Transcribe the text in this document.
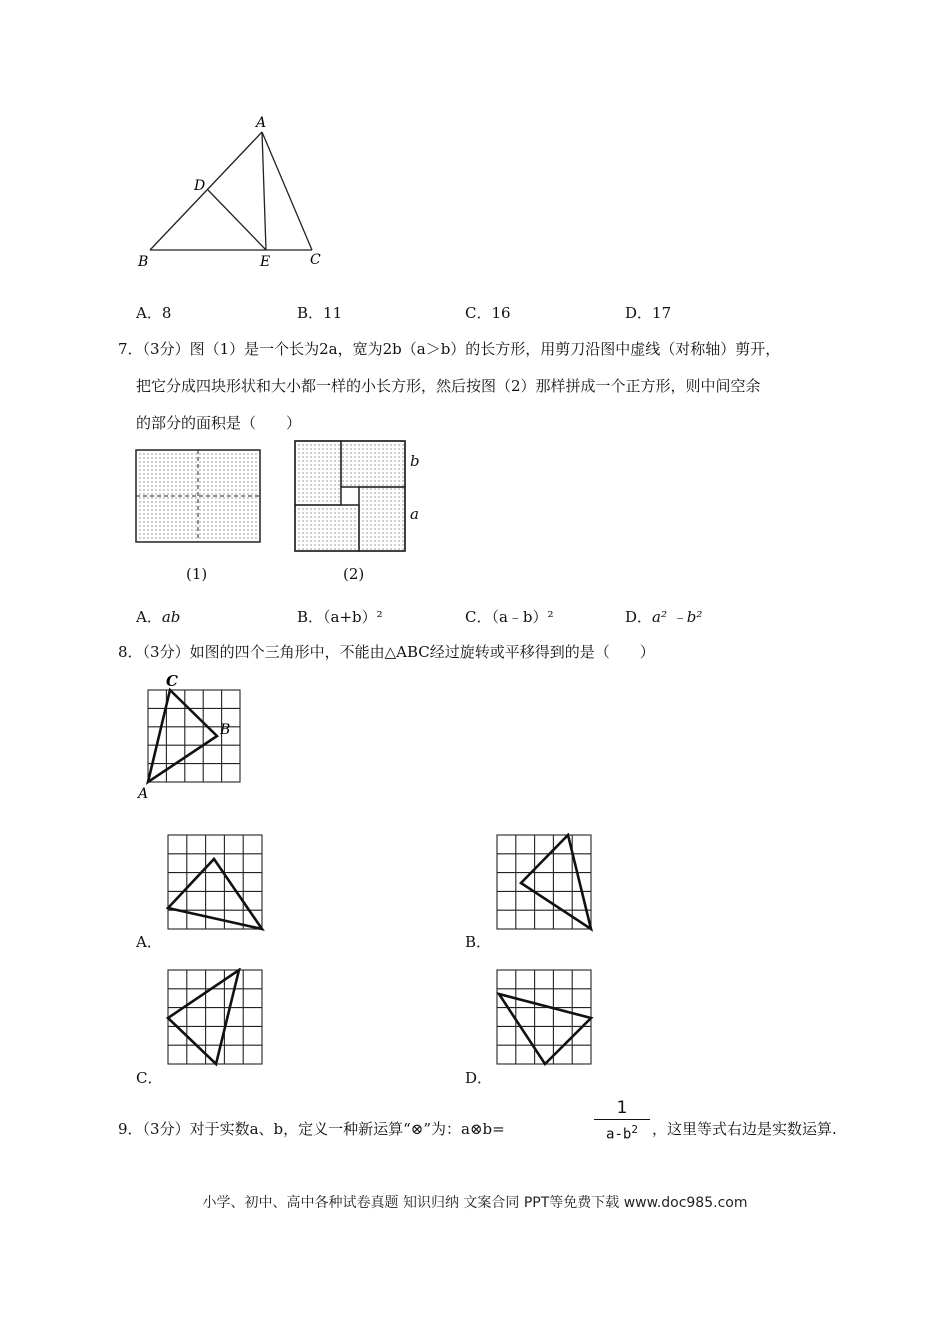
A
D
B	E	C
A．8	B．11	C．16	D．17
7．（3分）图（1）是一个长为2a，宽为2b（a＞b）的长方形，用剪刀沿图中虚线（对称轴）剪开，
把它分成四块形状和大小都一样的小长方形，然后按图（2）那样拼成一个正方形，则中间空余
的部分的面积是（　　）
(1)
b
a
(2)
A．ab	B．（a+b）²	C．（a﹣b）²	D．a² ﹣b²
8．（3分）如图的四个三角形中，不能由△ABC经过旋转或平移得到的是（　　）
C
B
A
A．	B．
C．	D．
9．（3分）对于实数a、b，定义一种新运算“⊗”为：a⊗b=
1
$a-b^2$ ，这里等式右边是实数运算.
小学、初中、高中各种试卷真题 知识归纳 文案合同 PPT等免费下载 www.doc985.com
